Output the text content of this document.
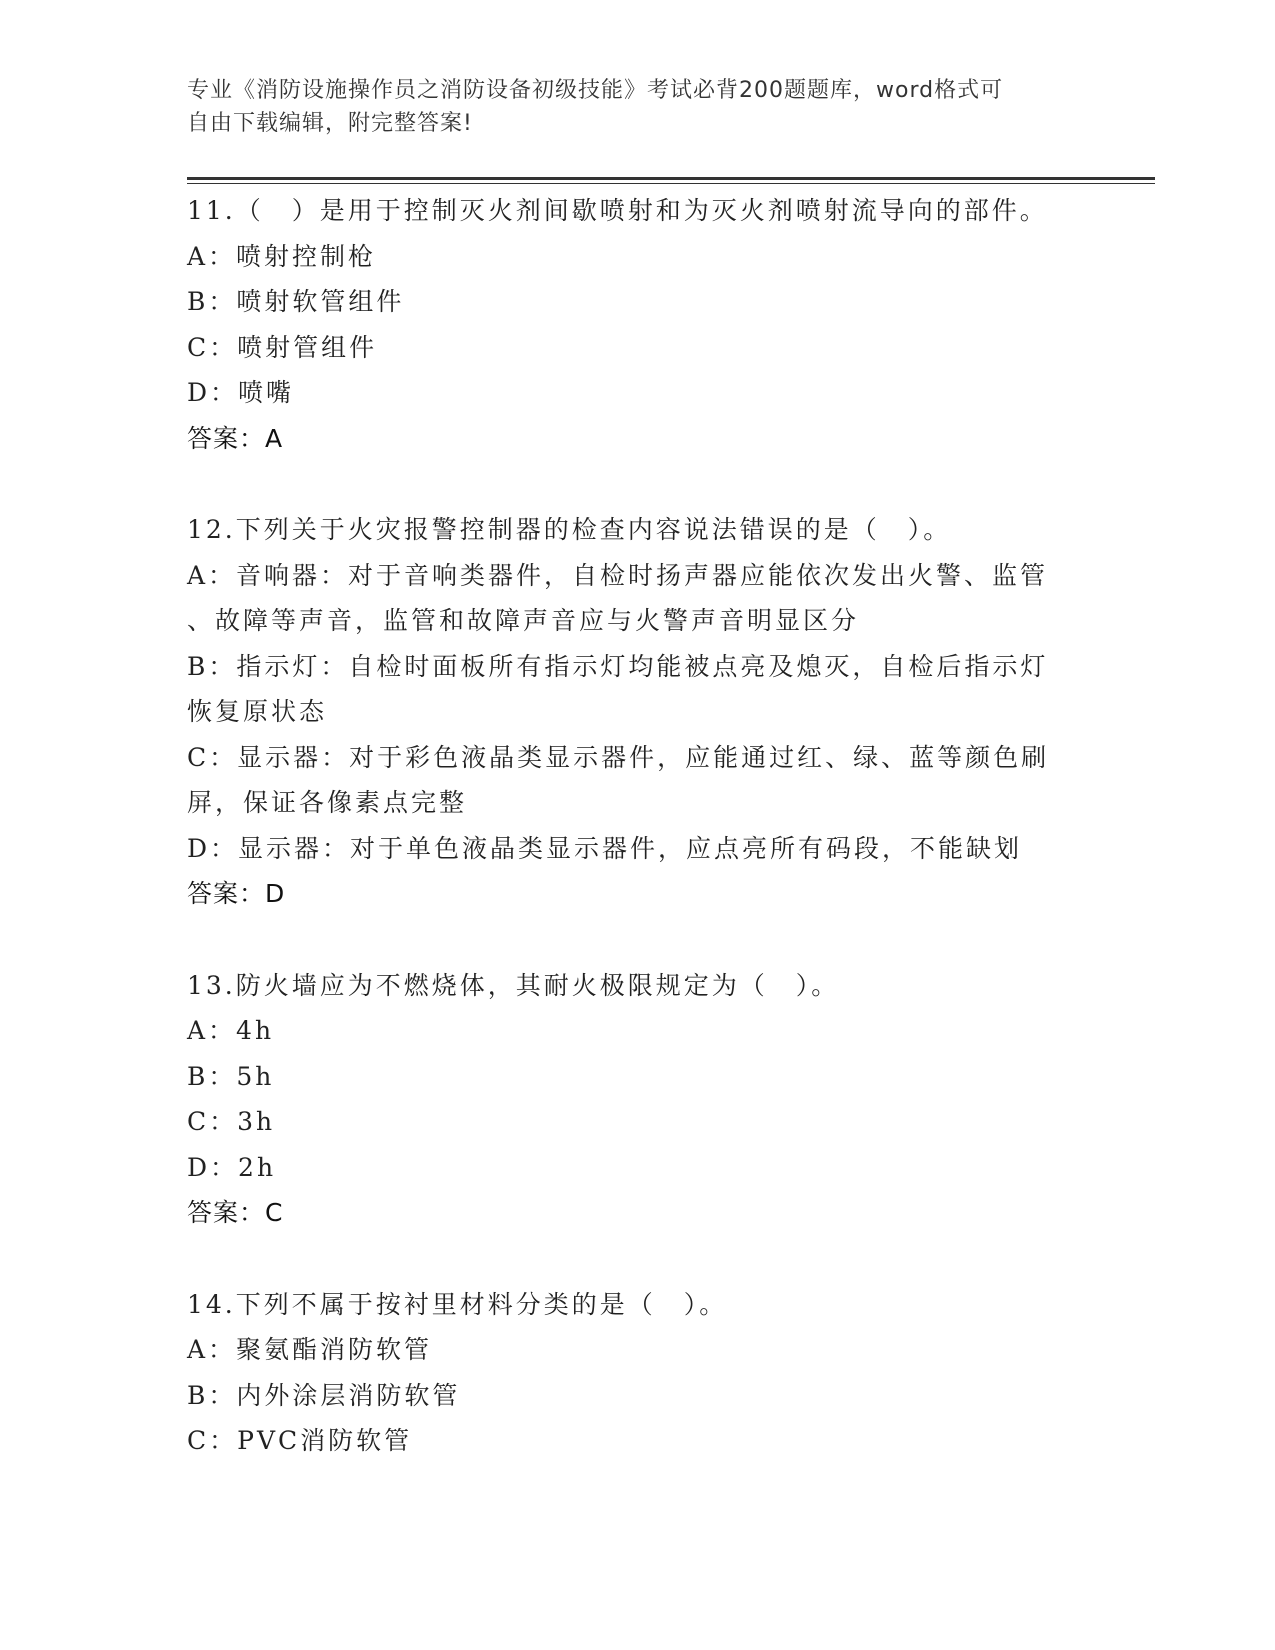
专业《消防设施操作员之消防设备初级技能》考试必背200题题库，word格式可
自由下载编辑，附完整答案!
11.（　）是用于控制灭火剂间歇喷射和为灭火剂喷射流导向的部件。
A：喷射控制枪
B：喷射软管组件
C：喷射管组件
D：喷嘴
答案：A
12.下列关于火灾报警控制器的检查内容说法错误的是（　）。
A：音响器：对于音响类器件，自检时扬声器应能依次发出火警、监管
、故障等声音，监管和故障声音应与火警声音明显区分
B：指示灯：自检时面板所有指示灯均能被点亮及熄灭，自检后指示灯
恢复原状态
C：显示器：对于彩色液晶类显示器件，应能通过红、绿、蓝等颜色刷
屏，保证各像素点完整
D：显示器：对于单色液晶类显示器件，应点亮所有码段，不能缺划
答案：D
13.防火墙应为不燃烧体，其耐火极限规定为（　）。
A：4h
B：5h
C：3h
D：2h
答案：C
14.下列不属于按衬里材料分类的是（　）。
A：聚氨酯消防软管
B：内外涂层消防软管
C：PVC消防软管
